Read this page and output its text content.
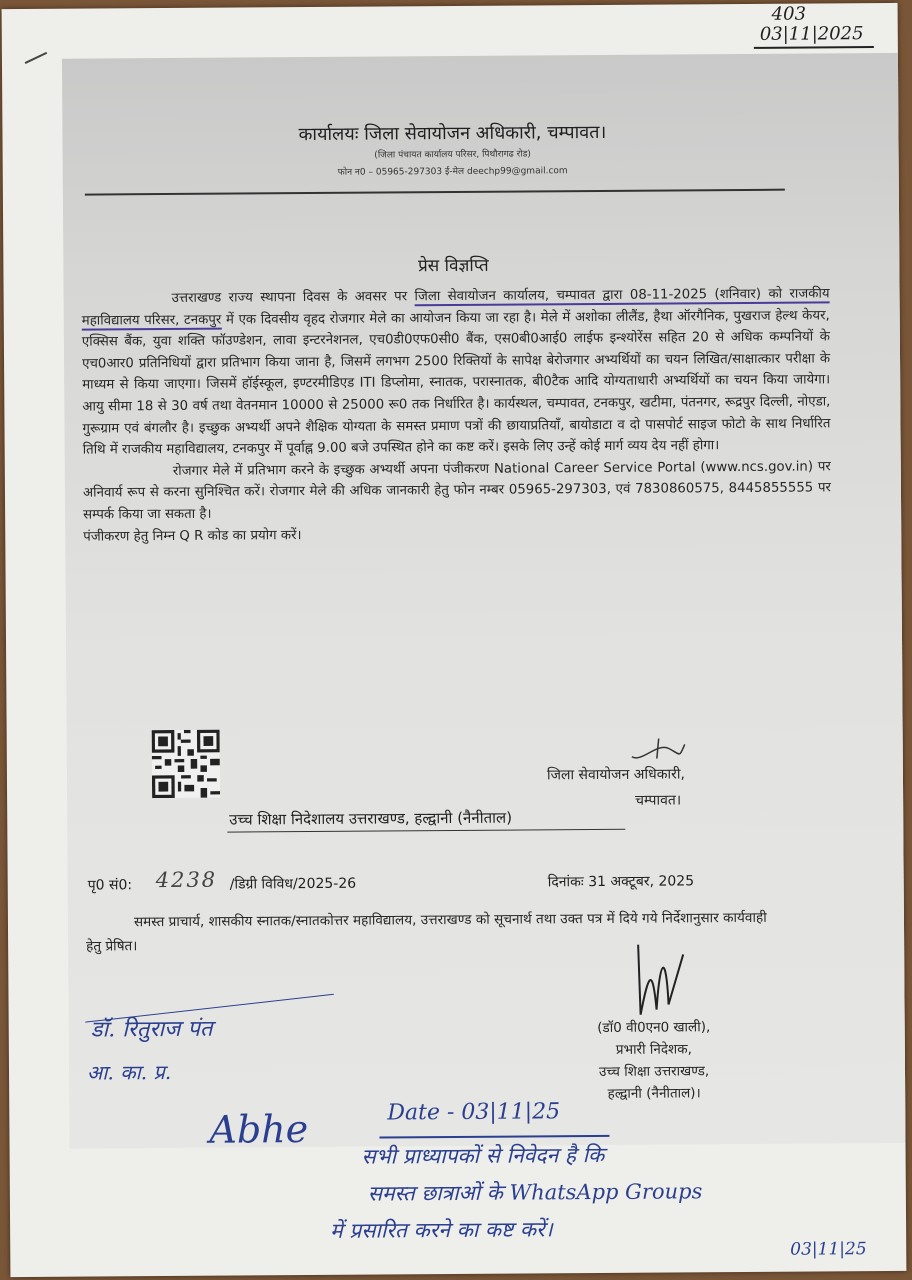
403
03|11|2025
कार्यालयः जिला सेवायोजन अधिकारी, चम्पावत।
(जिला पंचायत कार्यालय परिसर, पिथौरागढ रोड)
फोन न0 – 05965-297303 ई-मेल deechp99@gmail.com
प्रेस विज्ञप्ति

उत्तराखण्ड राज्य स्थापना दिवस के अवसर पर जिला सेवायोजन कार्यालय, चम्पावत द्वारा 08-11-2025 (शनिवार) को राजकीय महाविद्यालय परिसर, टनकपुर में एक दिवसीय वृहद रोजगार मेले का आयोजन किया जा रहा है। मेले में अशोका लीलैंड, हैथा ऑरगैनिक, पुखराज हेल्थ केयर, एक्सिस बैंक, युवा शक्ति फॉउण्डेशन, लावा इन्टरनेशनल, एच0डी0एफ0सी0 बैंक, एस0बी0आई0 लाईफ इन्श्योरेंस सहित 20 से अधिक कम्पनियों के एच0आर0 प्रतिनिधियों द्वारा प्रतिभाग किया जाना है, जिसमें लगभग 2500 रिक्तियों के सापेक्ष बेरोजगार अभ्यर्थियों का चयन लिखित/साक्षात्कार परीक्षा के माध्यम से किया जाएगा। जिसमें हॉईस्कूल, इण्टरमीडिएड ITI डिप्लोमा, स्नातक, परास्नातक, बी0टैक आदि योग्यताधारी अभ्यर्थियों का चयन किया जायेगा। आयु सीमा 18 से 30 वर्ष तथा वेतनमान 10000 से 25000 रू0 तक निर्धारित है। कार्यस्थल, चम्पावत, टनकपुर, खटीमा, पंतनगर, रूद्रपुर दिल्ली, नोएडा, गुरूग्राम एवं बंगलौर है। इच्छुक अभ्यर्थी अपने शैक्षिक योग्यता के समस्त प्रमाण पत्रों की छायाप्रतियाँ, बायोडाटा व दो पासपोर्ट साइज फोटो के साथ निर्धारित तिथि में राजकीय महाविद्यालय, टनकपुर में पूर्वाह्न 9.00 बजे उपस्थित होने का कष्ट करें। इसके लिए उन्हें कोई मार्ग व्यय देय नहीं होगा।

रोजगार मेले में प्रतिभाग करने के इच्छुक अभ्यर्थी अपना पंजीकरण National Career Service Portal (www.ncs.gov.in) पर अनिवार्य रूप से करना सुनिश्चित करें। रोजगार मेले की अधिक जानकारी हेतु फोन नम्बर 05965-297303, एवं 7830860575, 8445855555 पर सम्पर्क किया जा सकता है।

पंजीकरण हेतु निम्न Q R कोड का प्रयोग करें।

जिला सेवायोजन अधिकारी,
चम्पावत।
उच्च शिक्षा निदेशालय उत्तराखण्ड, हल्द्वानी (नैनीताल)
पृ0 सं0: 4238 /डिग्री विविध/2025-26	दिनांकः 31 अक्टूबर, 2025
समस्त प्राचार्य, शासकीय स्नातक/स्नातकोत्तर महाविद्यालय, उत्तराखण्ड को सूचनार्थ तथा उक्त पत्र में दिये गये निर्देशानुसार कार्यवाही हेतु प्रेषित।
(डॉ0 वी0एन0 खाली),
प्रभारी निदेशक,
उच्च शिक्षा उत्तराखण्ड,
हल्द्वानी (नैनीताल)।
डॉ. रितुराज पंत
आ. का. प्र.
Abhe	Date - 03|11|25
सभी प्राध्यापकों से निवेदन है कि
समस्त छात्राओं के WhatsApp Groups
में प्रसारित करने का कष्ट करें।
03|11|25
